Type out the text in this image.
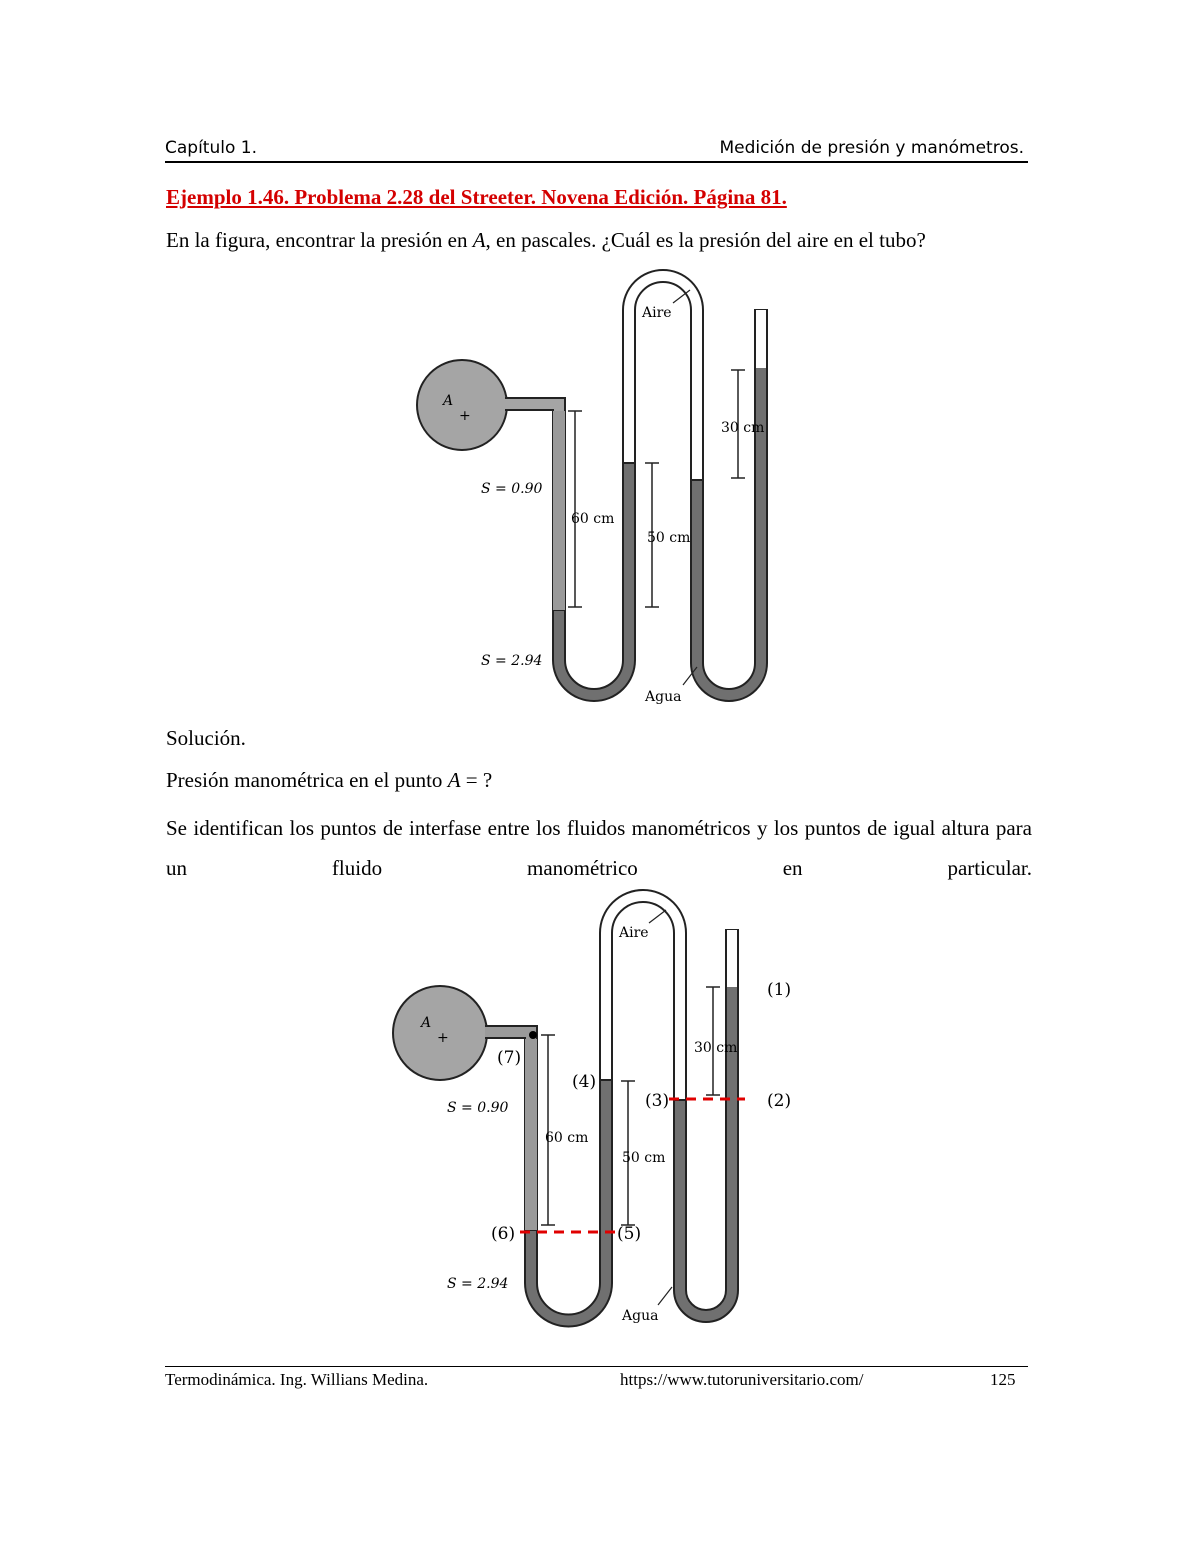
Capítulo 1.	Medición de presión y manómetros.
Ejemplo 1.46. Problema 2.28 del Streeter. Novena Edición. Página 81.
En la figura, encontrar la presión en A, en pascales. ¿Cuál es la presión del aire en el tubo?
Aire
A
+
30 cm
S = 0.90
60 cm
50 cm
S = 2.94
Agua
Solución.
Presión manométrica en el punto A = ?
Se identifican los puntos de interfase entre los fluidos manométricos y los puntos de igual altura para un fluido manométrico en particular.
Aire
A
+
30 cm
S = 0.90
60 cm
50 cm
S = 2.94
Agua
(1)
(2)
(3)
(4)
(5)
(6)
(7)
Termodinámica. Ing. Willians Medina.	https://www.tutoruniversitario.com/	125
